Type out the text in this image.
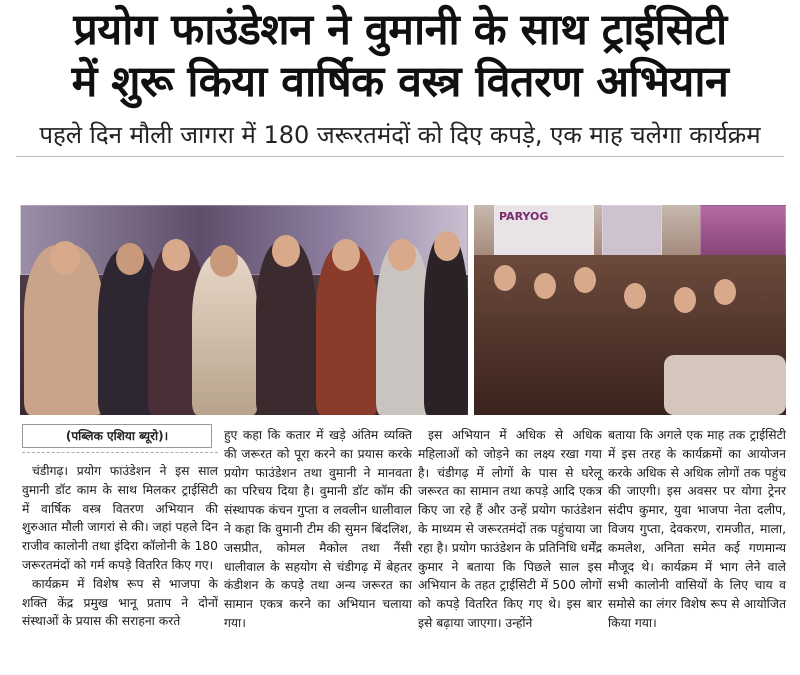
प्रयोग फाउंडेशन ने वुमानी के साथ ट्राईसिटी
में शुरू किया वार्षिक वस्त्र वितरण अभियान
पहले दिन मौली जागरा में 180 जरूरतमंदों को दिए कपड़े, एक माह चलेगा कार्यक्रम
PARYOG
(पब्लिक एशिया ब्यूरो)।

चंडीगढ़। प्रयोग फाउंडेशन ने इस साल वुमानी डॉट काम के साथ मिलकर ट्राईसिटी में वार्षिक वस्त्र वितरण अभियान की शुरुआत मौली जागरां से की। जहां पहले दिन राजीव कालोनी तथा इंदिरा कॉलोनी के 180 जरूरतमंदों को गर्म कपड़े वितरित किए गए।

कार्यक्रम में विशेष रूप से भाजपा के शक्ति केंद्र प्रमुख भानू प्रताप ने दोनों संस्थाओं के प्रयास की सराहना करते

हुए कहा कि कतार में खड़े अंतिम व्यक्ति की जरूरत को पूरा करने का प्रयास करके प्रयोग फाउंडेशन तथा वुमानी ने मानवता का परिचय दिया है। वुमानी डॉट कॉम की संस्थापक कंचन गुप्ता व लवलीन धालीवाल ने कहा कि वुमानी टीम की सुमन बिंदलिश, जसप्रीत, कोमल मैकोल तथा नैंसी धालीवाल के सहयोग से चंडीगढ़ में बेहतर कंडीशन के कपड़े तथा अन्य जरूरत का सामान एकत्र करने का अभियान चलाया गया।

इस अभियान में अधिक से अधिक महिलाओं को जोड़ने का लक्ष्य रखा गया है। चंडीगढ़ में लोगों के पास से घरेलू जरूरत का सामान तथा कपड़े आदि एकत्र किए जा रहे हैं और उन्हें प्रयोग फाउंडेशन के माध्यम से जरूरतमंदों तक पहुंचाया जा रहा है। प्रयोग फाउंडेशन के प्रतिनिधि धर्मेंद्र कुमार ने बताया कि पिछले साल इस अभियान के तहत ट्राईसिटी में 500 लोगों को कपड़े वितरित किए गए थे। इस बार इसे बढ़ाया जाएगा। उन्होंने

बताया कि अगले एक माह तक ट्राईसिटी में इस तरह के कार्यक्रमों का आयोजन करके अधिक से अधिक लोगों तक पहुंच की जाएगी। इस अवसर पर योगा ट्रेनर संदीप कुमार, युवा भाजपा नेता दलीप, विजय गुप्ता, देवकरण, रामजीत, माला, कमलेश, अनिता समेत कई गणमान्य मौजूद थे। कार्यक्रम में भाग लेने वाले सभी कालोनी वासियों के लिए चाय व समोसे का लंगर विशेष रूप से आयोजित किया गया।
